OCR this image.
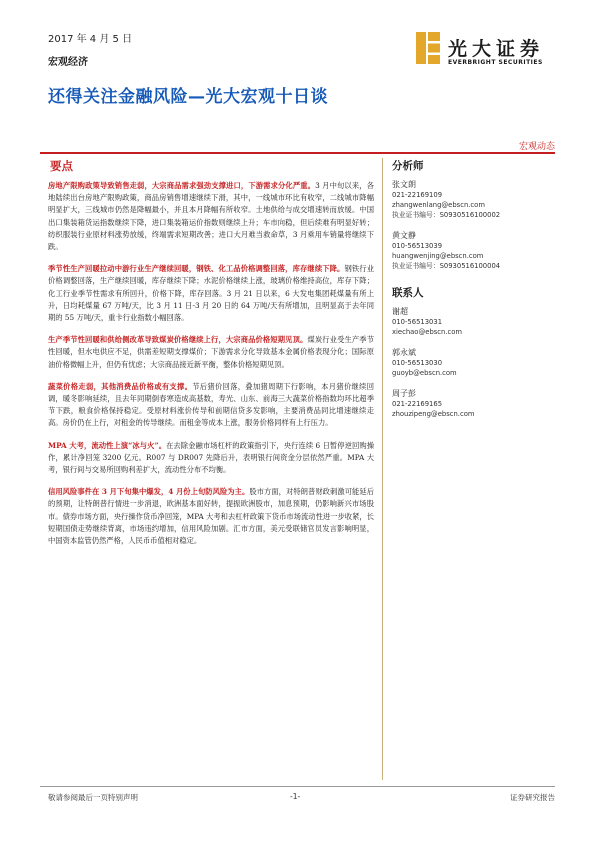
2017 年 4 月 5 日
宏观经济
还得关注金融风险—光大宏观十日谈
光大证券
EVERBRIGHT SECURITIES
宏观动态
要点

房地产限购政策导致销售走弱，大宗商品需求强劲支撑进口，下游需求分化严重。3 月中旬以来，各地陆续出台房地产限购政策，商品房销售增速继续下滑，其中，一线城市环比有收窄，二线城市降幅明显扩大，三线城市仍然是降幅最小，并且本月降幅有所收窄。土地供给与成交增速转而放缓。中国出口集装箱货运指数继续下降，进口集装箱运价指数则继续上升；车市向稳，但后续难有明显好转；纺织服装行业原材料涨势放缓，终端需求短期改善；进口大月难当救命草，3 月乘用车销量将继续下跌。

季节性生产回暖拉动中游行业生产继续回暖，钢铁、化工品价格调整回落，库存继续下降。钢铁行业价格调整回落，生产继续回暖，库存继续下降；水泥价格继续上涨，玻璃价格维持高位，库存下降；化工行业季节性需求有所回升，价格下降，库存回落。3 月 21 日以来，6 大发电集团耗煤量有所上升，日均耗煤量 67 万吨/天，比 3 月 11 日-3 月 20 日的 64 万吨/天有所增加，且明显高于去年同期的 55 万吨/天，重卡行业指数小幅回落。

生产季节性回暖和供给侧改革导致煤炭价格继续上行，大宗商品价格短期见顶。煤炭行业受生产季节性回暖，但水电供应不足，供需差短期支撑煤价；下游需求分化导致基本金属价格表现分化；国际原油价格微幅上升，但仍有忧虑；大宗商品接近新平衡，整体价格短期见顶。

蔬菜价格走弱，其他消费品价格或有支撑。节后猪价回落，叠加猪周期下行影响，本月猪价继续回调，暖冬影响延续，且去年同期倒春寒造成高基数，寿光、山东、前海三大蔬菜价格指数均环比超季节下跌，粮食价格保持稳定。受原材料涨价传导和前期信贷多发影响，主要消费品同比增速继续走高。房价仍在上行，对租金的传导继续。而租金等成本上涨，服务价格同样有上行压力。

MPA 大考，流动性上演“冰与火”。在去除金融市场杠杆的政策指引下，央行连续 6 日暂停逆回购操作，累计净回笼 3200 亿元。R007 与 DR007 先降后升，表明银行间资金分层依然严重。MPA 大考，银行间与交易所回购利差扩大，流动性分布不均衡。

信用风险事件在 3 月下旬集中爆发，4 月份上旬防风险为主。股市方面，对特朗普财政刺激可能延后的预期，让特朗普行情进一步消退，欧洲基本面好转，提振欧洲股市，加息预期，仍影响新兴市场股市。债券市场方面，央行操作货币净回笼，MPA 大考和去杠杆政策下货币市场流动性进一步收紧，长短期国债走势继续背离，市场违约增加，信用风险加剧。汇市方面，美元受联储官员发言影响明显，中国资本监管仍然严格，人民币币值相对稳定。

分析师
张文朗
021-22169109
zhangwenlang@ebscn.com
执业证书编号：S0930516100002
黄文静
010-56513039
huangwenjing@ebscn.com
执业证书编号：S0930516100004
联系人
谢超
010-56513031
xiechao@ebscn.com
郭永斌
010-56513030
guoyb@ebscn.com
周子彭
021-22169165
zhouzipeng@ebscn.com
敬请参阅最后一页特别声明	-1-	证券研究报告
